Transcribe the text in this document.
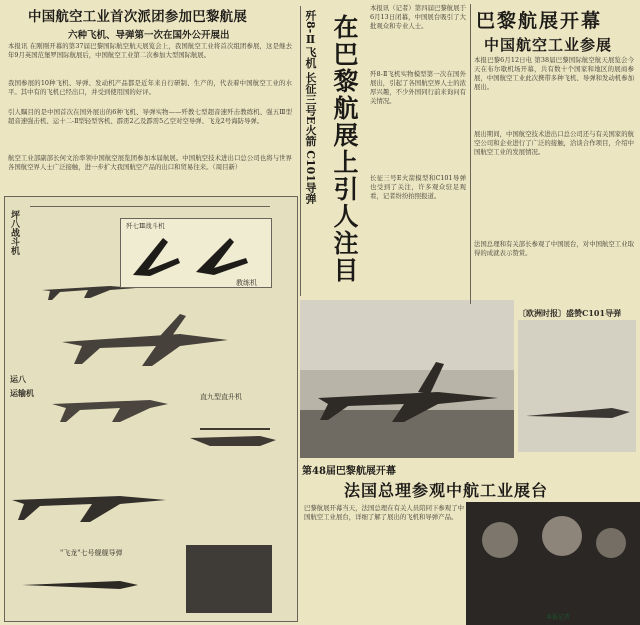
中国航空工业首次派团参加巴黎航展
六种飞机、导弹第一次在国外公开展出
本报讯 在刚刚开幕的第37届巴黎国际航空航天展览会上，我国航空工业将首次组团参展，这是继去年9月英国范堡罗国际航展后，中国航空工业第二次参加大型国际航展。
我国参展的10种飞机、导弹、发动机产品都是近年来自行研制、生产的，代表着中国航空工业的水平。其中有的飞机已经出口，并受到使用国的好评。
引人瞩目的是中国首次在国外展出的6种飞机、导弹实物——歼教七型超音速歼击教练机、强五Ⅲ型超音速强击机、运十二-Ⅱ型轻型客机、霹雳2乙及霹雳5乙空对空导弹、飞龙2号海防导弹。
航空工业部副部长何文治率领中国航空展览团参加本届航展。中国航空技术进出口总公司也将与世界各国航空界人士广泛接触，进一步扩大我国航空产品的出口和贸易往来。（周目新）
坪八战斗机	歼七Ⅲ战斗机
教练机
运八
运输机	直九型直升机
"飞龙"七号舰舰导弹
歼8-Ⅱ飞机 长征三号E火箭 C101导弹 在巴黎航展上引人注目
本报讯（记者）第四届巴黎航展于6月13日闭幕，中国展台吸引了大批观众和专业人士。
歼8-Ⅱ飞机实物模型第一次在国外展出，引起了各国航空界人士的浓厚兴趣，不少外国同行前来询问有关情况。
长征三号E火箭模型和C101导弹也受到了关注，许多观众驻足观看，记者纷纷拍照报道。
巴黎航展开幕
中国航空工业参展
本报巴黎6月12日电 第38届巴黎国际航空航天展览会今天在布尔歇机场开幕，共有数十个国家和地区的展商参展，中国航空工业此次携带多种飞机、导弹和发动机参加展出。
展出期间，中国航空技术进出口总公司还与有关国家的航空公司和企业进行了广泛的接触，洽谈合作项目，介绍中国航空工业的发展情况。
法国总理和有关部长参观了中国展台，对中国航空工业取得的成就表示赞赏。
〔欧洲时报〕盛赞C101导弹
第48届巴黎航展开幕
法国总理参观中航工业展台
巴黎航展开幕当天，法国总理在有关人员陪同下参观了中国航空工业展台，详细了解了展出的飞机和导弹产品。
本报记者
